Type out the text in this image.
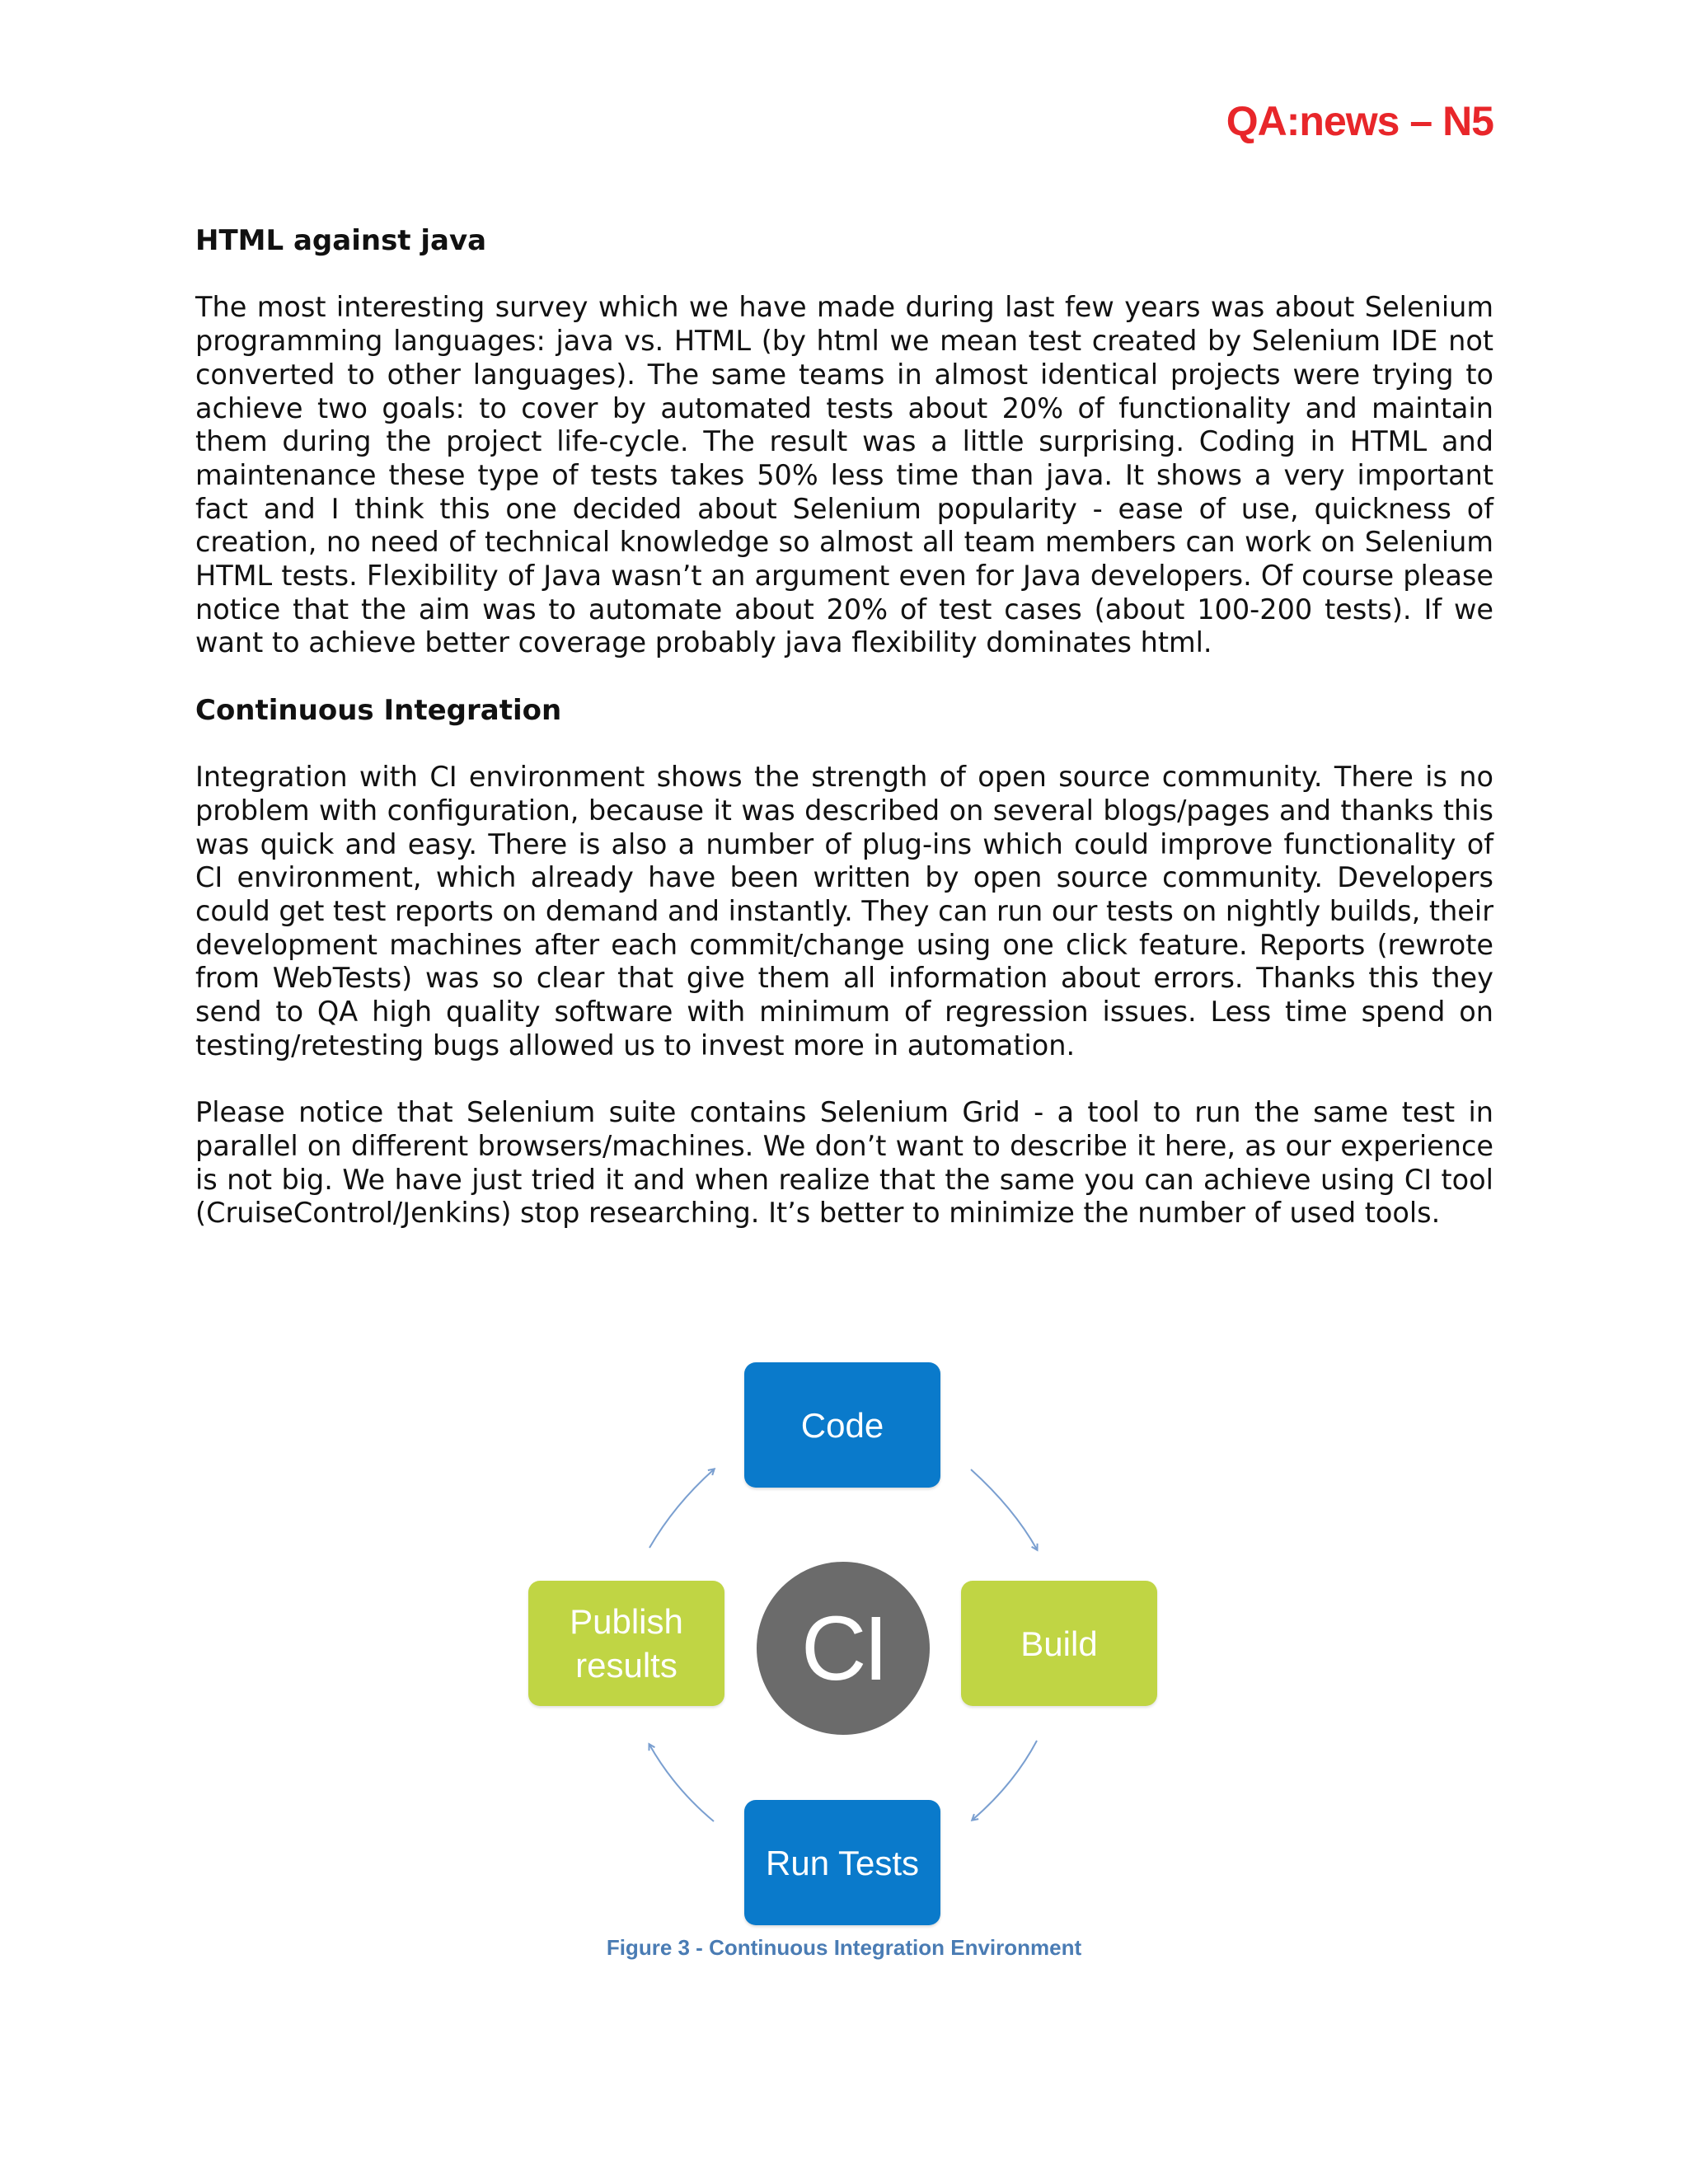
QA:news – N5
HTML against java

The most interesting survey which we have made during last few years was about Selenium programming languages: java vs. HTML (by html we mean test created by Selenium IDE not converted to other languages). The same teams in almost identical projects were trying to achieve two goals: to cover by automated tests about 20% of functionality and maintain them during the project life-cycle. The result was a little surprising. Coding in HTML and maintenance these type of tests takes 50% less time than java. It shows a very important fact and I think this one decided about Selenium popularity - ease of use, quickness of creation, no need of technical knowledge so almost all team members can work on Selenium HTML tests. Flexibility of Java wasn’t an argument even for Java developers. Of course please notice that the aim was to automate about 20% of test cases (about 100-200 tests). If we want to achieve better coverage probably java flexibility dominates html.

Continuous Integration

Integration with CI environment shows the strength of open source community. There is no problem with configuration, because it was described on several blogs/pages and thanks this was quick and easy. There is also a number of plug-ins which could improve functionality of CI environment, which already have been written by open source community. Developers could get test reports on demand and instantly. They can run our tests on nightly builds, their development machines after each commit/change using one click feature. Reports (rewrote from WebTests) was so clear that give them all information about errors. Thanks this they send to QA high quality software with minimum of regression issues. Less time spend on testing/retesting bugs allowed us to invest more in automation.

Please notice that Selenium suite contains Selenium Grid - a tool to run the same test in parallel on different browsers/machines. We don’t want to describe it here, as our experience is not big. We have just tried it and when realize that the same you can achieve using CI tool (CruiseControl/Jenkins) stop researching. It’s better to minimize the number of used tools.

Code
Build
Run Tests
Publish
results CI
Figure 3 - Continuous Integration Environment
